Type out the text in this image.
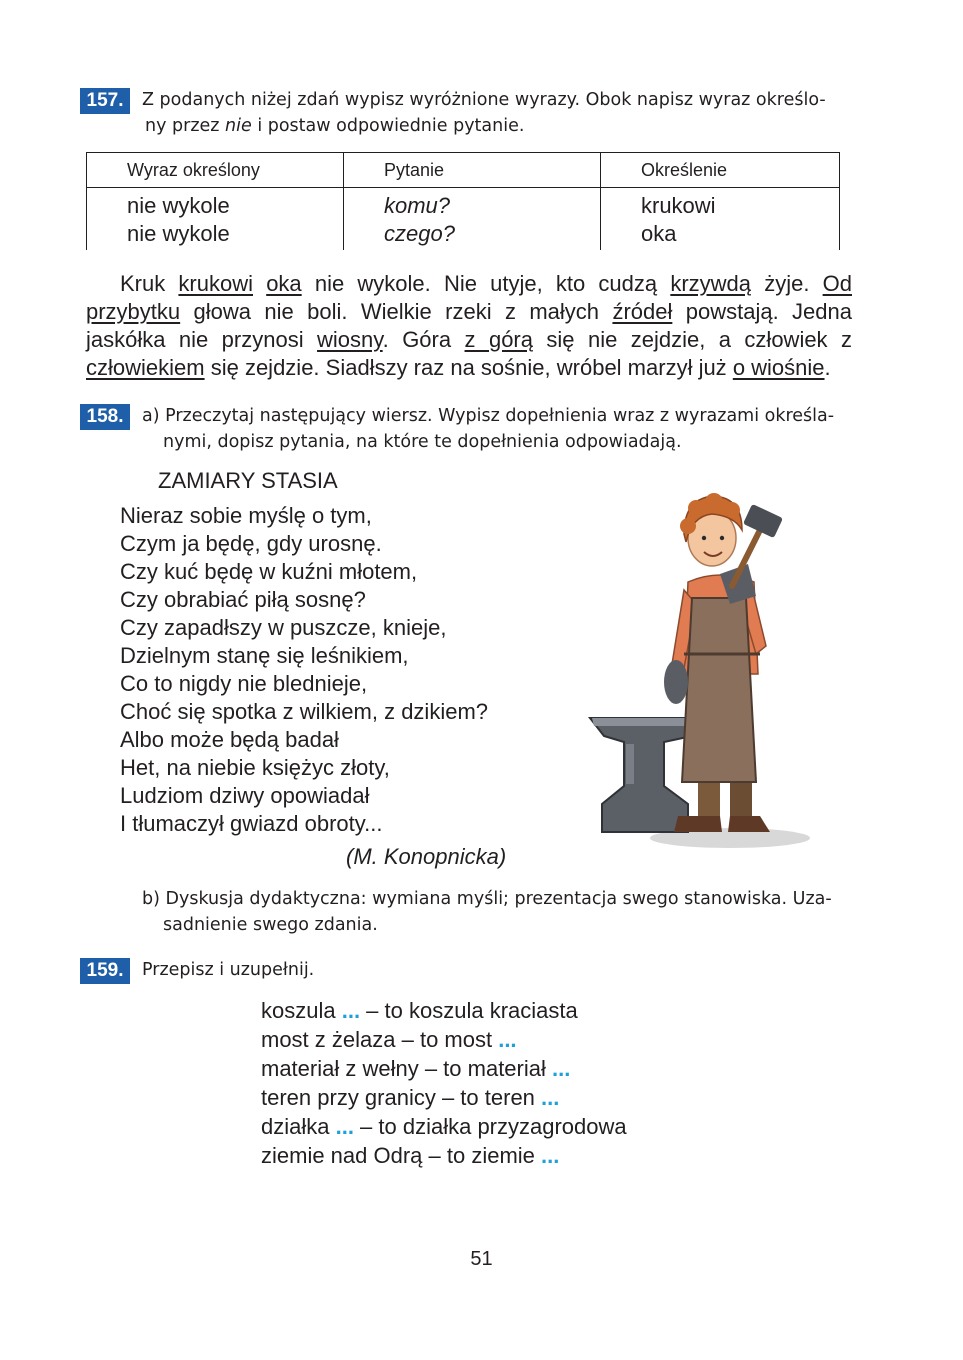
157.	Z podanych niżej zdań wypisz wyróżnione wyrazy. Obok napisz wyraz określo-
ny przez nie i postaw odpowiednie pytanie.
Wyraz określony	Pytanie	Określenie
nie wykole	komu?	krukowi
nie wykole	czego?	oka
Kruk krukowi oka nie wykole. Nie utyje, kto cudzą krzywdą żyje. Od przybytku głowa nie boli. Wielkie rzeki z małych źródeł powstają. Jedna jaskółka nie przynosi wiosny. Góra z górą się nie zejdzie, a człowiek z człowiekiem się zejdzie. Siadłszy raz na sośnie, wróbel marzył już o wiośnie.
158.	a) Przeczytaj następujący wiersz. Wypisz dopełnienia wraz z wyrazami określa-
nymi, dopisz pytania, na które te dopełnienia odpowiadają.
ZAMIARY STASIA
Nieraz sobie myślę o tym,
Czym ja będę, gdy urosnę.
Czy kuć będę w kuźni młotem,
Czy obrabiać piłą sosnę?
Czy zapadłszy w puszcze, knieje,
Dzielnym stanę się leśnikiem,
Co to nigdy nie blednieje,
Choć się spotka z wilkiem, z dzikiem?
Albo może będą badał
Het, na niebie księżyc złoty,
Ludziom dziwy opowiadał
I tłumaczył gwiazd obroty...
(M. Konopnicka)
b) Dyskusja dydaktyczna: wymiana myśli; prezentacja swego stanowiska. Uza-
sadnienie swego zdania.
159.	Przepisz i uzupełnij.
koszula ... – to koszula kraciasta
most z żelaza – to most ...
materiał z wełny – to materiał ...
teren przy granicy – to teren ...
działka ... – to działka przyzagrodowa
ziemie nad Odrą – to ziemie ...
51
